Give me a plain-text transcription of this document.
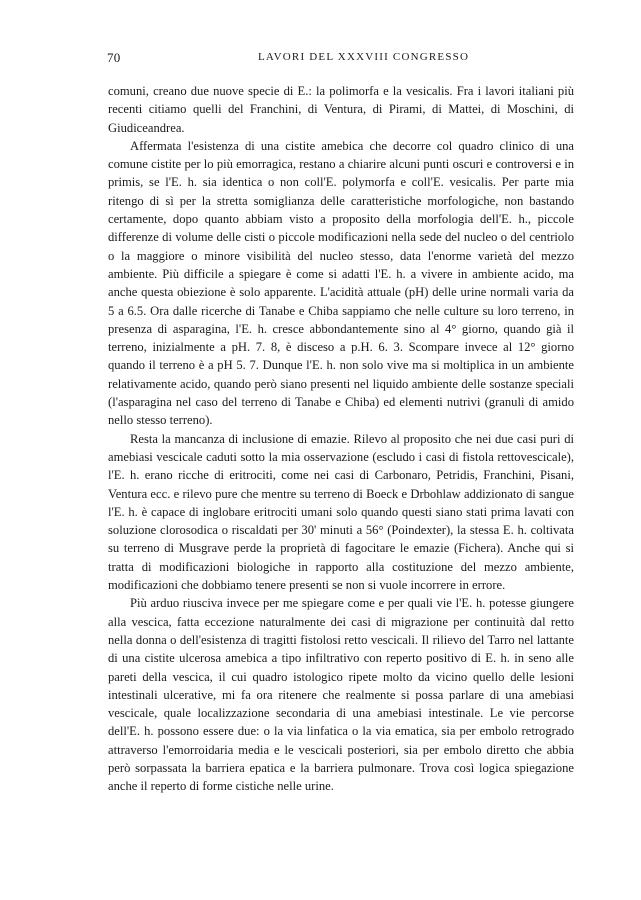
70	LAVORI DEL XXXVIII CONGRESSO

comuni, creano due nuove specie di E.: la polimorfa e la vesicalis. Fra i lavori italiani più recenti citiamo quelli del Franchini, di Ventura, di Pirami, di Mattei, di Moschini, di Giudiceandrea.

Affermata l'esistenza di una cistite amebica che decorre col quadro clinico di una comune cistite per lo più emorragica, restano a chiarire alcuni punti oscuri e controversi e in primis, se l'E. h. sia identica o non coll'E. polymorfa e coll'E. vesicalis. Per parte mia ritengo di sì per la stretta somiglianza delle caratteristiche morfologiche, non bastando certamente, dopo quanto abbiam visto a proposito della morfologia dell'E. h., piccole differenze di volume delle cisti o piccole modificazioni nella sede del nucleo o del centriolo o la maggiore o minore visibilità del nucleo stesso, data l'enorme varietà del mezzo ambiente. Più difficile a spiegare è come si adatti l'E. h. a vivere in ambiente acido, ma anche questa obiezione è solo apparente. L'acidità attuale (pH) delle urine normali varia da 5 a 6.5. Ora dalle ricerche di Tanabe e Chiba sappiamo che nelle culture su loro terreno, in presenza di asparagina, l'E. h. cresce abbondantemente sino al 4° giorno, quando già il terreno, inizialmente a pH. 7. 8, è disceso a p.H. 6. 3. Scompare invece al 12° giorno quando il terreno è a pH 5. 7. Dunque l'E. h. non solo vive ma si moltiplica in un ambiente relativamente acido, quando però siano presenti nel liquido ambiente delle sostanze speciali (l'asparagina nel caso del terreno di Tanabe e Chiba) ed elementi nutrivi (granuli di amido nello stesso terreno).

Resta la mancanza di inclusione di emazie. Rilevo al proposito che nei due casi puri di amebiasi vescicale caduti sotto la mia osservazione (escludo i casi di fistola rettovescicale), l'E. h. erano ricche di eritrociti, come nei casi di Carbonaro, Petridis, Franchini, Pisani, Ventura ecc. e rilevo pure che mentre su terreno di Boeck e Drbohlaw addizionato di sangue l'E. h. è capace di inglobare eritrociti umani solo quando questi siano stati prima lavati con soluzione clorosodica o riscaldati per 30' minuti a 56° (Poindexter), la stessa E. h. coltivata su terreno di Musgrave perde la proprietà di fagocitare le emazie (Fichera). Anche qui si tratta di modificazioni biologiche in rapporto alla costituzione del mezzo ambiente, modificazioni che dobbiamo tenere presenti se non si vuole incorrere in errore.

Più arduo riusciva invece per me spiegare come e per quali vie l'E. h. potesse giungere alla vescica, fatta eccezione naturalmente dei casi di migrazione per continuità dal retto nella donna o dell'esistenza di tragitti fistolosi retto vescicali. Il rilievo del Tarro nel lattante di una cistite ulcerosa amebica a tipo infiltrativo con reperto positivo di E. h. in seno alle pareti della vescica, il cui quadro istologico ripete molto da vicino quello delle lesioni intestinali ulcerative, mi fa ora ritenere che realmente si possa parlare di una amebiasi vescicale, quale localizzazione secondaria di una amebiasi intestinale. Le vie percorse dell'E. h. possono essere due: o la via linfatica o la via ematica, sia per embolo retrogrado attraverso l'emorroidaria media e le vescicali posteriori, sia per embolo diretto che abbia però sorpassata la barriera epatica e la barriera pulmonare. Trova così logica spiegazione anche il reperto di forme cistiche nelle urine.
